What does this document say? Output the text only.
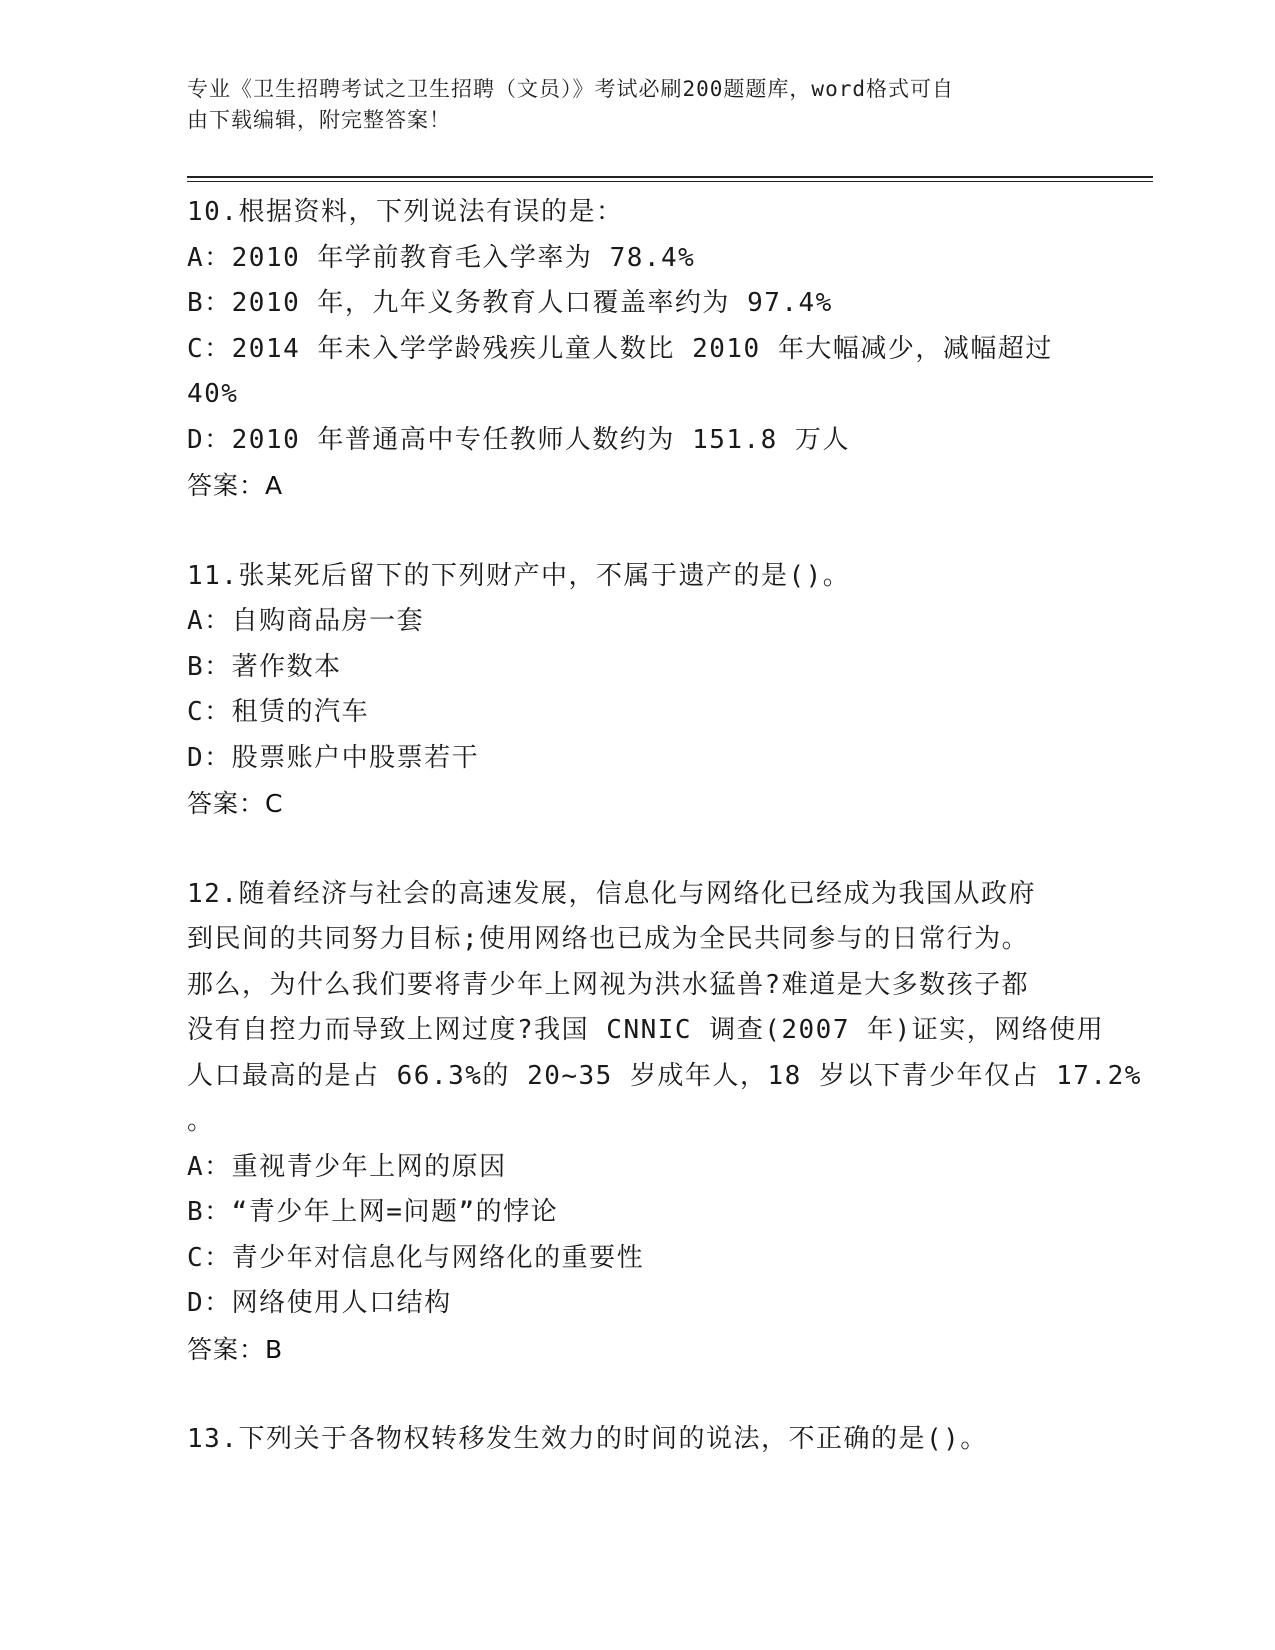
专业《卫生招聘考试之卫生招聘（文员）》考试必刷200题题库，word格式可自
由下载编辑，附完整答案！
10.根据资料，下列说法有误的是：
A：2010 年学前教育毛入学率为 78.4%
B：2010 年，九年义务教育人口覆盖率约为 97.4%
C：2014 年未入学学龄残疾儿童人数比 2010 年大幅减少，减幅超过
40%
D：2010 年普通高中专任教师人数约为 151.8 万人
答案：A
11.张某死后留下的下列财产中，不属于遗产的是()。
A：自购商品房一套
B：著作数本
C：租赁的汽车
D：股票账户中股票若干
答案：C
12.随着经济与社会的高速发展，信息化与网络化已经成为我国从政府
到民间的共同努力目标;使用网络也已成为全民共同参与的日常行为。
那么，为什么我们要将青少年上网视为洪水猛兽?难道是大多数孩子都
没有自控力而导致上网过度?我国 CNNIC 调查(2007 年)证实，网络使用
人口最高的是占 66.3%的 20~35 岁成年人，18 岁以下青少年仅占 17.2%
。
A：重视青少年上网的原因
B：“青少年上网=问题”的悖论
C：青少年对信息化与网络化的重要性
D：网络使用人口结构
答案：B
13.下列关于各物权转移发生效力的时间的说法，不正确的是()。
